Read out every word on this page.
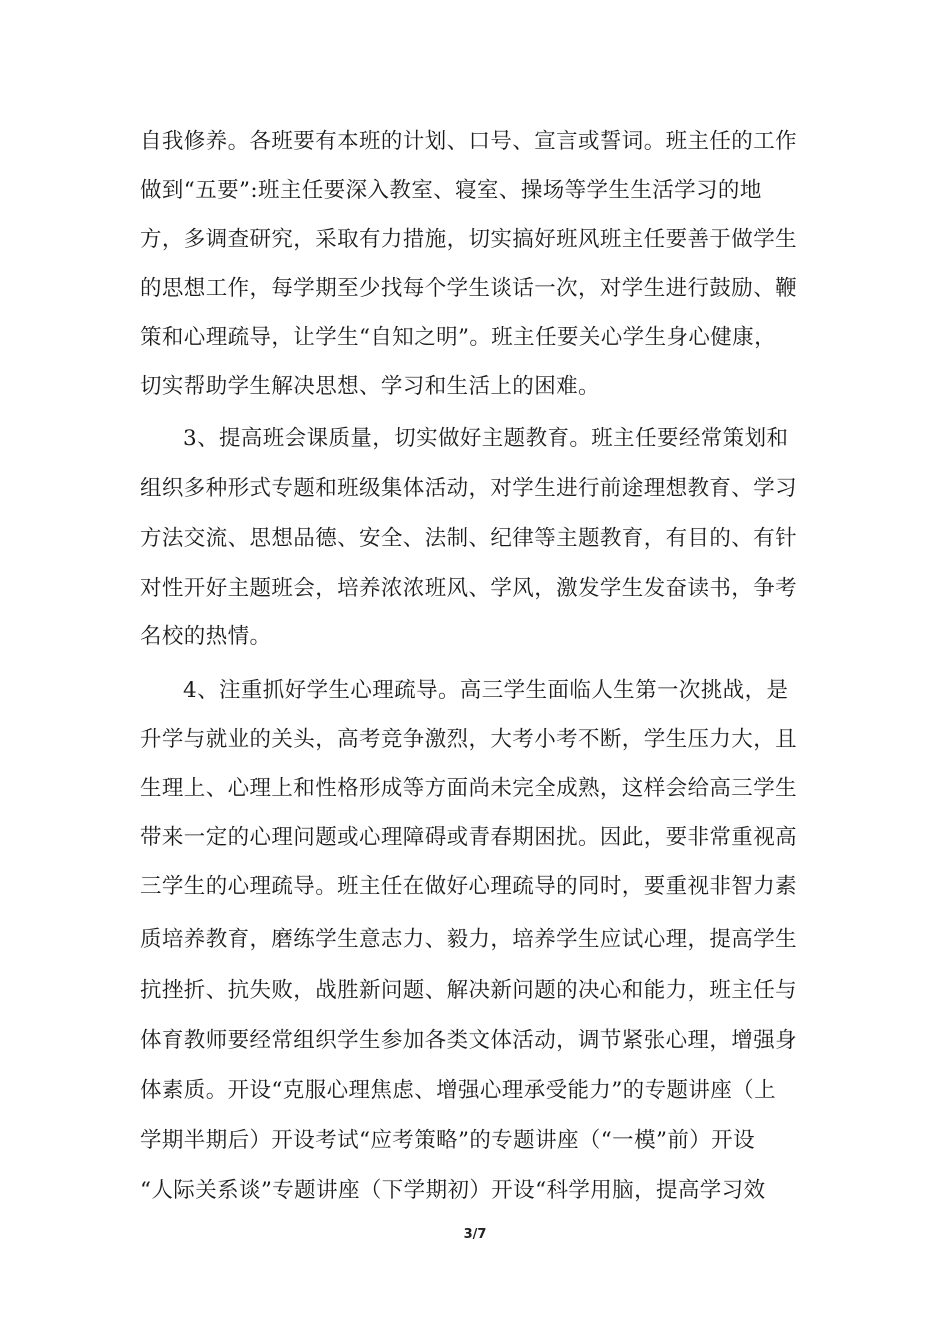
自我修养。各班要有本班的计划、口号、宣言或誓词。班主任的工作
做到“五要”:班主任要深入教室、寝室、操场等学生生活学习的地
方，多调查研究，采取有力措施，切实搞好班风班主任要善于做学生
的思想工作，每学期至少找每个学生谈话一次，对学生进行鼓励、鞭
策和心理疏导，让学生“自知之明”。班主任要关心学生身心健康，
切实帮助学生解决思想、学习和生活上的困难。
3、提高班会课质量，切实做好主题教育。班主任要经常策划和
组织多种形式专题和班级集体活动，对学生进行前途理想教育、学习
方法交流、思想品德、安全、法制、纪律等主题教育，有目的、有针
对性开好主题班会，培养浓浓班风、学风，激发学生发奋读书，争考
名校的热情。
4、注重抓好学生心理疏导。高三学生面临人生第一次挑战，是
升学与就业的关头，高考竞争激烈，大考小考不断，学生压力大，且
生理上、心理上和性格形成等方面尚未完全成熟，这样会给高三学生
带来一定的心理问题或心理障碍或青春期困扰。因此，要非常重视高
三学生的心理疏导。班主任在做好心理疏导的同时，要重视非智力素
质培养教育，磨练学生意志力、毅力，培养学生应试心理，提高学生
抗挫折、抗失败，战胜新问题、解决新问题的决心和能力，班主任与
体育教师要经常组织学生参加各类文体活动，调节紧张心理，增强身
体素质。开设“克服心理焦虑、增强心理承受能力”的专题讲座（上
学期半期后）开设考试“应考策略”的专题讲座（“一模”前）开设
“人际关系谈”专题讲座（下学期初）开设“科学用脑，提高学习效
3/7
